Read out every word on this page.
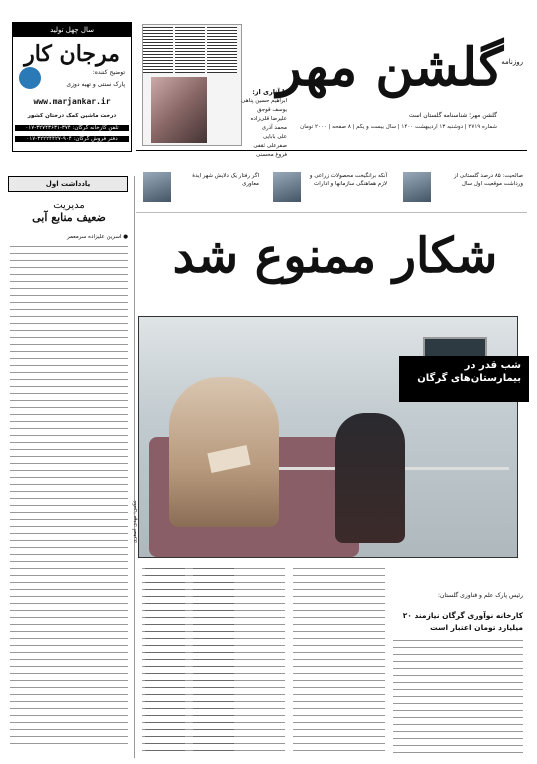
گلشن مهر
روزنامه
گلشن مهر؛ شناسنامه گلستان است
شماره ۲۷۱۹ | دوشنبه ۱۳ اردیبهشت ۱۴۰۰ | سال بیست و یکم | ۸ صفحه | ۲۰۰۰ تومان
با آثاری از:
ابراهیم حسین پناهی
یوسف قوجق
علیرضا قلی‌زاده
محمد آذری
علی بابایی
صفرعلی ثقفی
فروغ محسنی
سال چهل تولید
مرجان کار
توضیح کننده:
پارک سنتی و تهیه دوزی
www.marjankar.ir
درخت ماشین کمک درختان کشور
تلفن کارخانه گرگان: ۳۷۴-۳۲۷۴۳۶۳۱-۰۱۷
دفتر فروش گرگان: ۹۰۴-۳۲۲۲۴۴۲۷-۰۱۷
صالحیت: ۸۵ درصد گلستانی از ورداشت موقعیت اول سال
آنکه برانگیخت محصولات زراعی و لازم هماهنگی سازمانها و ادارات
اگر رفتار یک دلایش شهر ایدهٔ معاوری
یادداشت اول
مدیریت
ضعیف منابع آبی
● اسرین علیزاده سرمعمر شکار ممنوع شد
شب قدر در
بیمارستان‌های گرگان
عکس: مهدی اصغری
رئیس پارک علم و فناوری گلستان:
کارخانه نوآوری گرگان نیازمند ۲۰ میلیارد تومان اعتبار است
